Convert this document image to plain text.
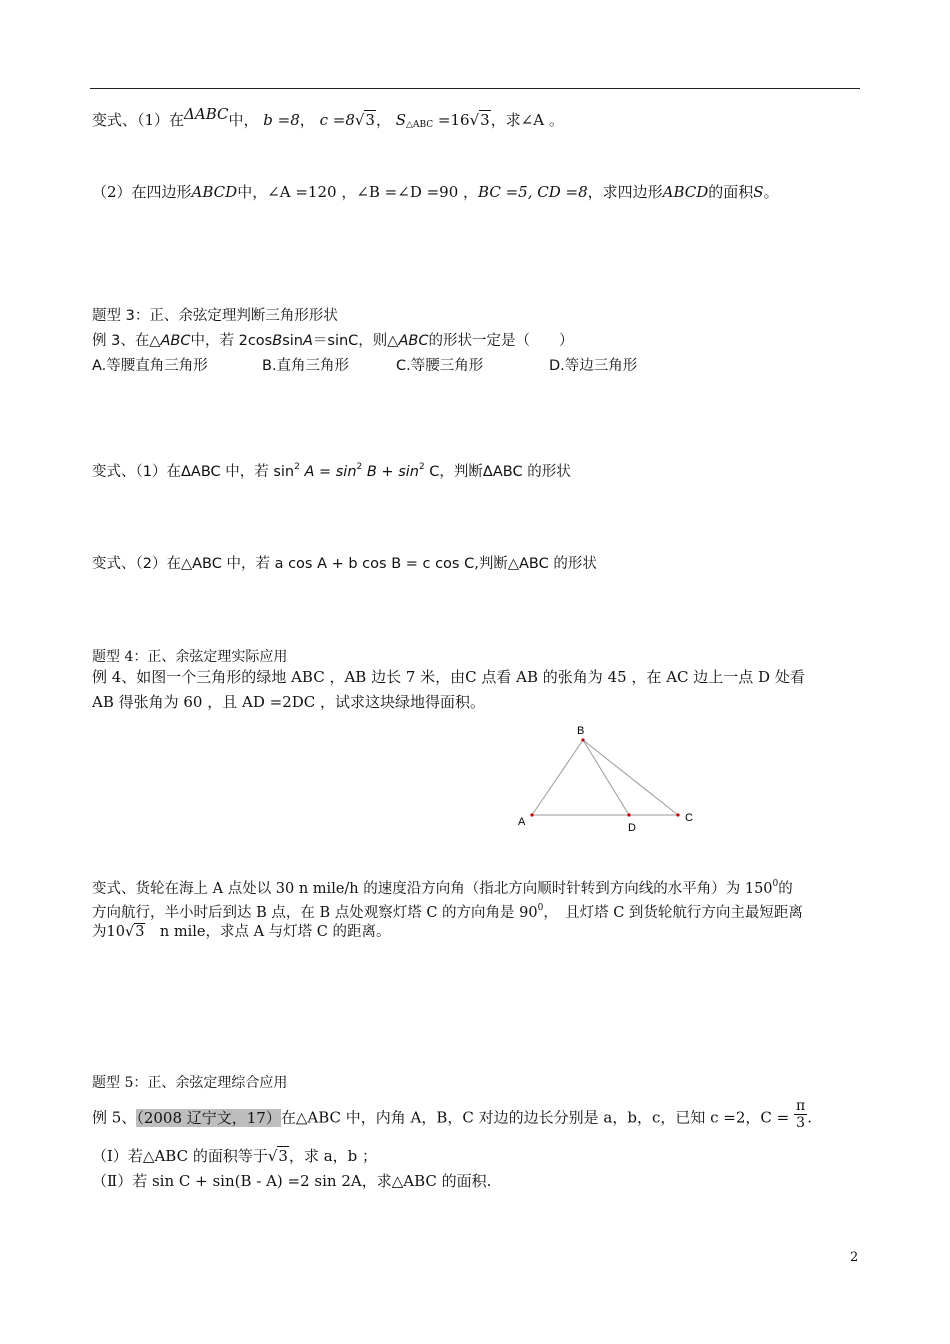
变式、（1）在ΔABC中， b =8， c =8√3， $S_{\triangle ABC} =16√3$，求∠A 。
（2）在四边形ABCD中，∠A =120 ，∠B =∠D =90 ，BC =5, CD =8，求四边形ABCD的面积S。
题型 3：正、余弦定理判断三角形形状
例 3、在△ABC中，若 2cosBsinA＝sinC，则△ABC的形状一定是（　　）
A.等腰直角三角形	B.直角三角形	C.等腰三角形	D.等边三角形
变式、（1）在ΔABC 中，若 $\sin^2 A = \sin^2 B + \sin^2 C$，判断ΔABC 的形状
变式、（2）在△ABC 中，若 a cos A + b cos B = c cos C,判断△ABC 的形状
题型 4：正、余弦定理实际应用
例 4、如图一个三角形的绿地 ABC ，AB 边长 7 米，由C 点看 AB 的张角为 45 ，在 AC 边上一点 D 处看
AB 得张角为 60 ，且 AD =2DC ，试求这块绿地得面积。
B
A	D
C
变式、货轮在海上 A 点处以 30 n mile/h 的速度沿方向角（指北方向顺时针转到方向线的水平角）为 $150^0$的
方向航行，半小时后到达 B 点，在 B 点处观察灯塔 C 的方向角是 $90^0$，　且灯塔 C 到货轮航行方向主最短距离
为10√3　n mile，求点 A 与灯塔 C 的距离。
题型 5：正、余弦定理综合应用
例 5、（2008 辽宁文，17）在△ABC 中，内角 A，B，C 对边的边长分别是 a，b，c，已知 c =2，$C = \frac{\pi}{3}$ .
（Ⅰ）若△ABC 的面积等于√3，求 a，b ；
（Ⅱ）若 sin C + sin(B - A) =2 sin 2A，求△ABC 的面积.
2
